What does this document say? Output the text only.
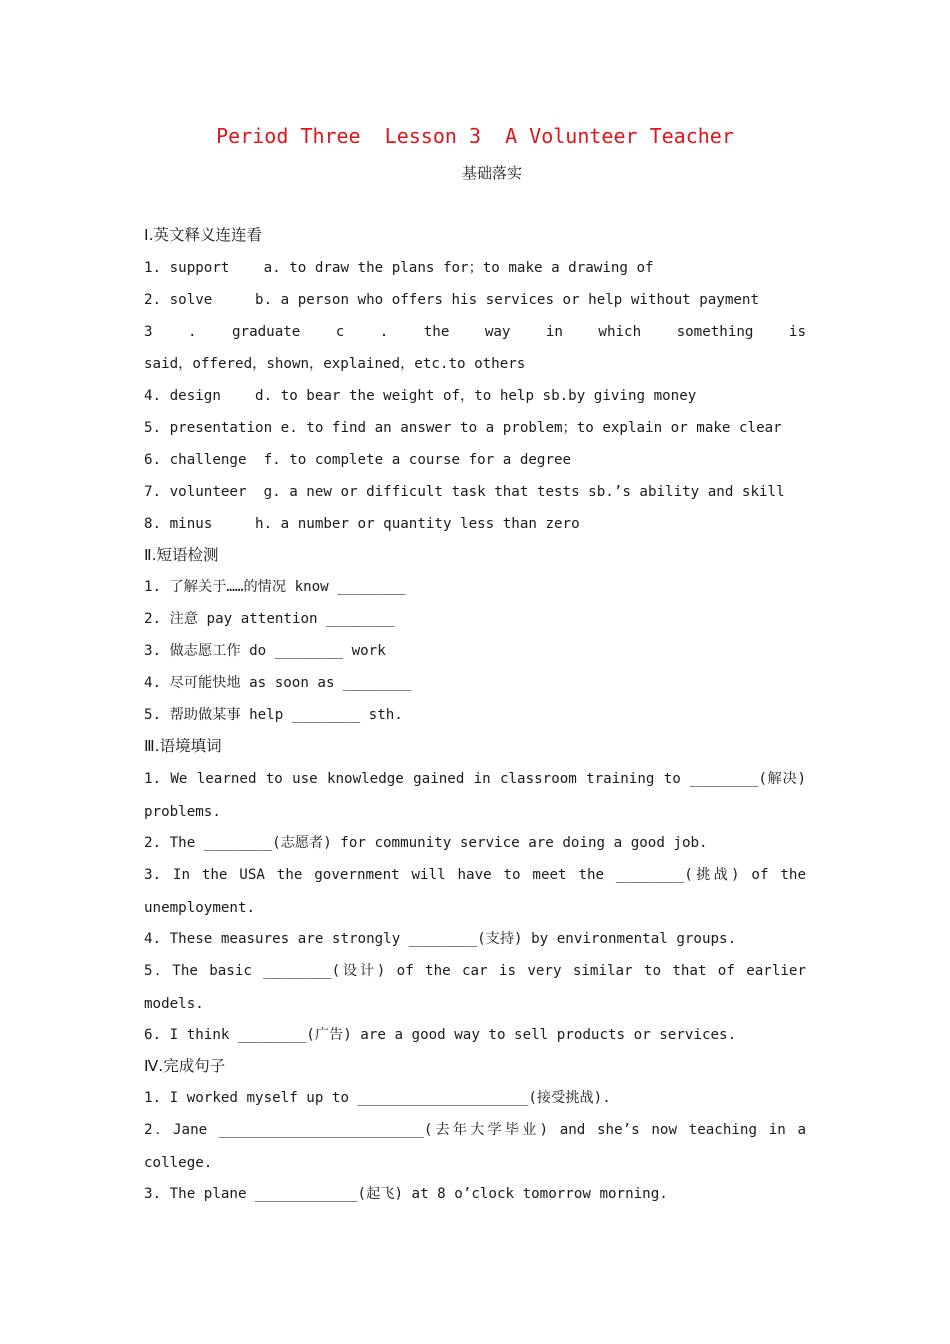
Period Three  Lesson 3  A Volunteer Teacher
基础落实
Ⅰ.英文释义连连看
1. support    a. to draw the plans for；to make a drawing of
2. solve     b. a person who offers his services or help without payment
3 . graduate c . the way in which something is
said，offered，shown，explained，etc.to others
4. design    d. to bear the weight of，to help sb.by giving money
5. presentation e. to find an answer to a problem；to explain or make clear
6. challenge  f. to complete a course for a degree
7. volunteer  g. a new or difficult task that tests sb.’s ability and skill
8. minus     h. a number or quantity less than zero
Ⅱ.短语检测
1. 了解关于……的情况 know ________
2. 注意 pay attention ________
3. 做志愿工作 do ________ work
4. 尽可能快地 as soon as ________
5. 帮助做某事 help ________ sth.
Ⅲ.语境填词
1. We learned to use knowledge gained in classroom training to ________(解决)
problems.
2. The ________(志愿者) for community service are doing a good job.
3. In the USA the government will have to meet the ________(挑战) of the
unemployment.
4. These measures are strongly ________(支持) by environmental groups.
5．The basic ________(设计) of the car is very similar to that of earlier
models.
6. I think ________(广告) are a good way to sell products or services.
Ⅳ.完成句子
1. I worked myself up to ____________________(接受挑战).
2．Jane ________________________(去年大学毕业) and she’s now teaching in a
college.
3. The plane ____________(起飞) at 8 o’clock tomorrow morning.
